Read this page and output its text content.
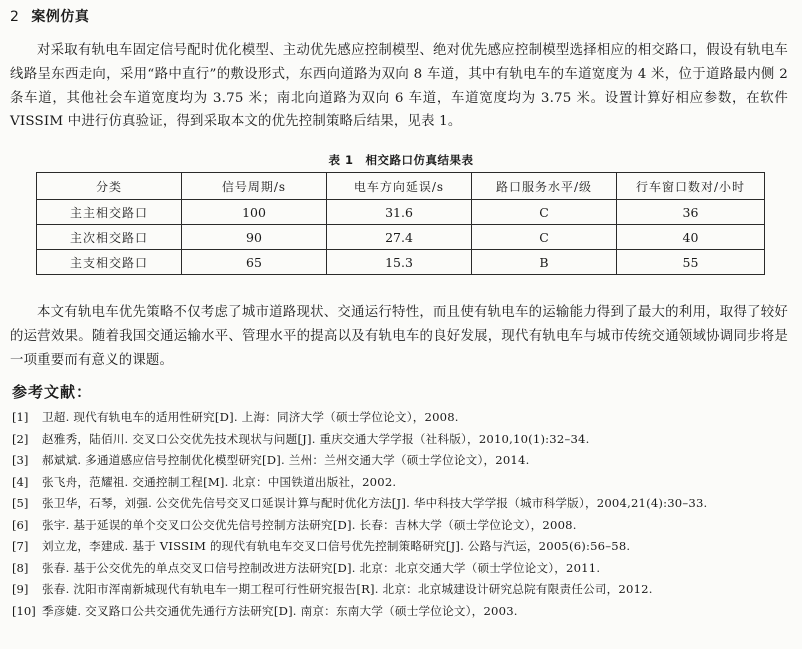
2 案例仿真

对采取有轨电车固定信号配时优化模型、主动优先感应控制模型、绝对优先感应控制模型选择相应的相交路口，假设有轨电车线路呈东西走向，采用“路中直行”的敷设形式，东西向道路为双向 8 车道，其中有轨电车的车道宽度为 4 米，位于道路最内侧 2 条车道，其他社会车道宽度均为 3.75 米；南北向道路为双向 6 车道，车道宽度均为 3.75 米。设置计算好相应参数，在软件 VISSIM 中进行仿真验证，得到采取本文的优先控制策略后结果，见表 1。

表 1　相交路口仿真结果表
分类	信号周期/s	电车方向延误/s	路口服务水平/级	行车窗口数对/小时
主主相交路口	100	31.6	C	36
主次相交路口	90	27.4	C	40
主支相交路口	65	15.3	B	55

本文有轨电车优先策略不仅考虑了城市道路现状、交通运行特性，而且使有轨电车的运输能力得到了最大的利用，取得了较好的运营效果。随着我国交通运输水平、管理水平的提高以及有轨电车的良好发展，现代有轨电车与城市传统交通领域协调同步将是一项重要而有意义的课题。

参考文献：
[1]	卫超. 现代有轨电车的适用性研究[D]. 上海：同济大学（硕士学位论文），2008.
[2]	赵雅秀，陆佰川. 交叉口公交优先技术现状与问题[J]. 重庆交通大学学报（社科版），2010,10(1):32–34.
[3]	郝斌斌. 多通道感应信号控制优化模型研究[D]. 兰州：兰州交通大学（硕士学位论文），2014.
[4]	张飞舟，范耀祖. 交通控制工程[M]. 北京：中国铁道出版社，2002.
[5]	张卫华，石琴，刘强. 公交优先信号交叉口延误计算与配时优化方法[J]. 华中科技大学学报（城市科学版），2004,21(4):30–33.
[6]	张宇. 基于延误的单个交叉口公交优先信号控制方法研究[D]. 长春：吉林大学（硕士学位论文），2008.
[7]	刘立龙，李建成. 基于 VISSIM 的现代有轨电车交叉口信号优先控制策略研究[J]. 公路与汽运，2005(6):56–58.
[8]	张春. 基于公交优先的单点交叉口信号控制改进方法研究[D]. 北京：北京交通大学（硕士学位论文），2011.
[9]	张春. 沈阳市浑南新城现代有轨电车一期工程可行性研究报告[R]. 北京：北京城建设计研究总院有限责任公司，2012.
[10] 季彦婕. 交叉路口公共交通优先通行方法研究[D]. 南京：东南大学（硕士学位论文），2003.
